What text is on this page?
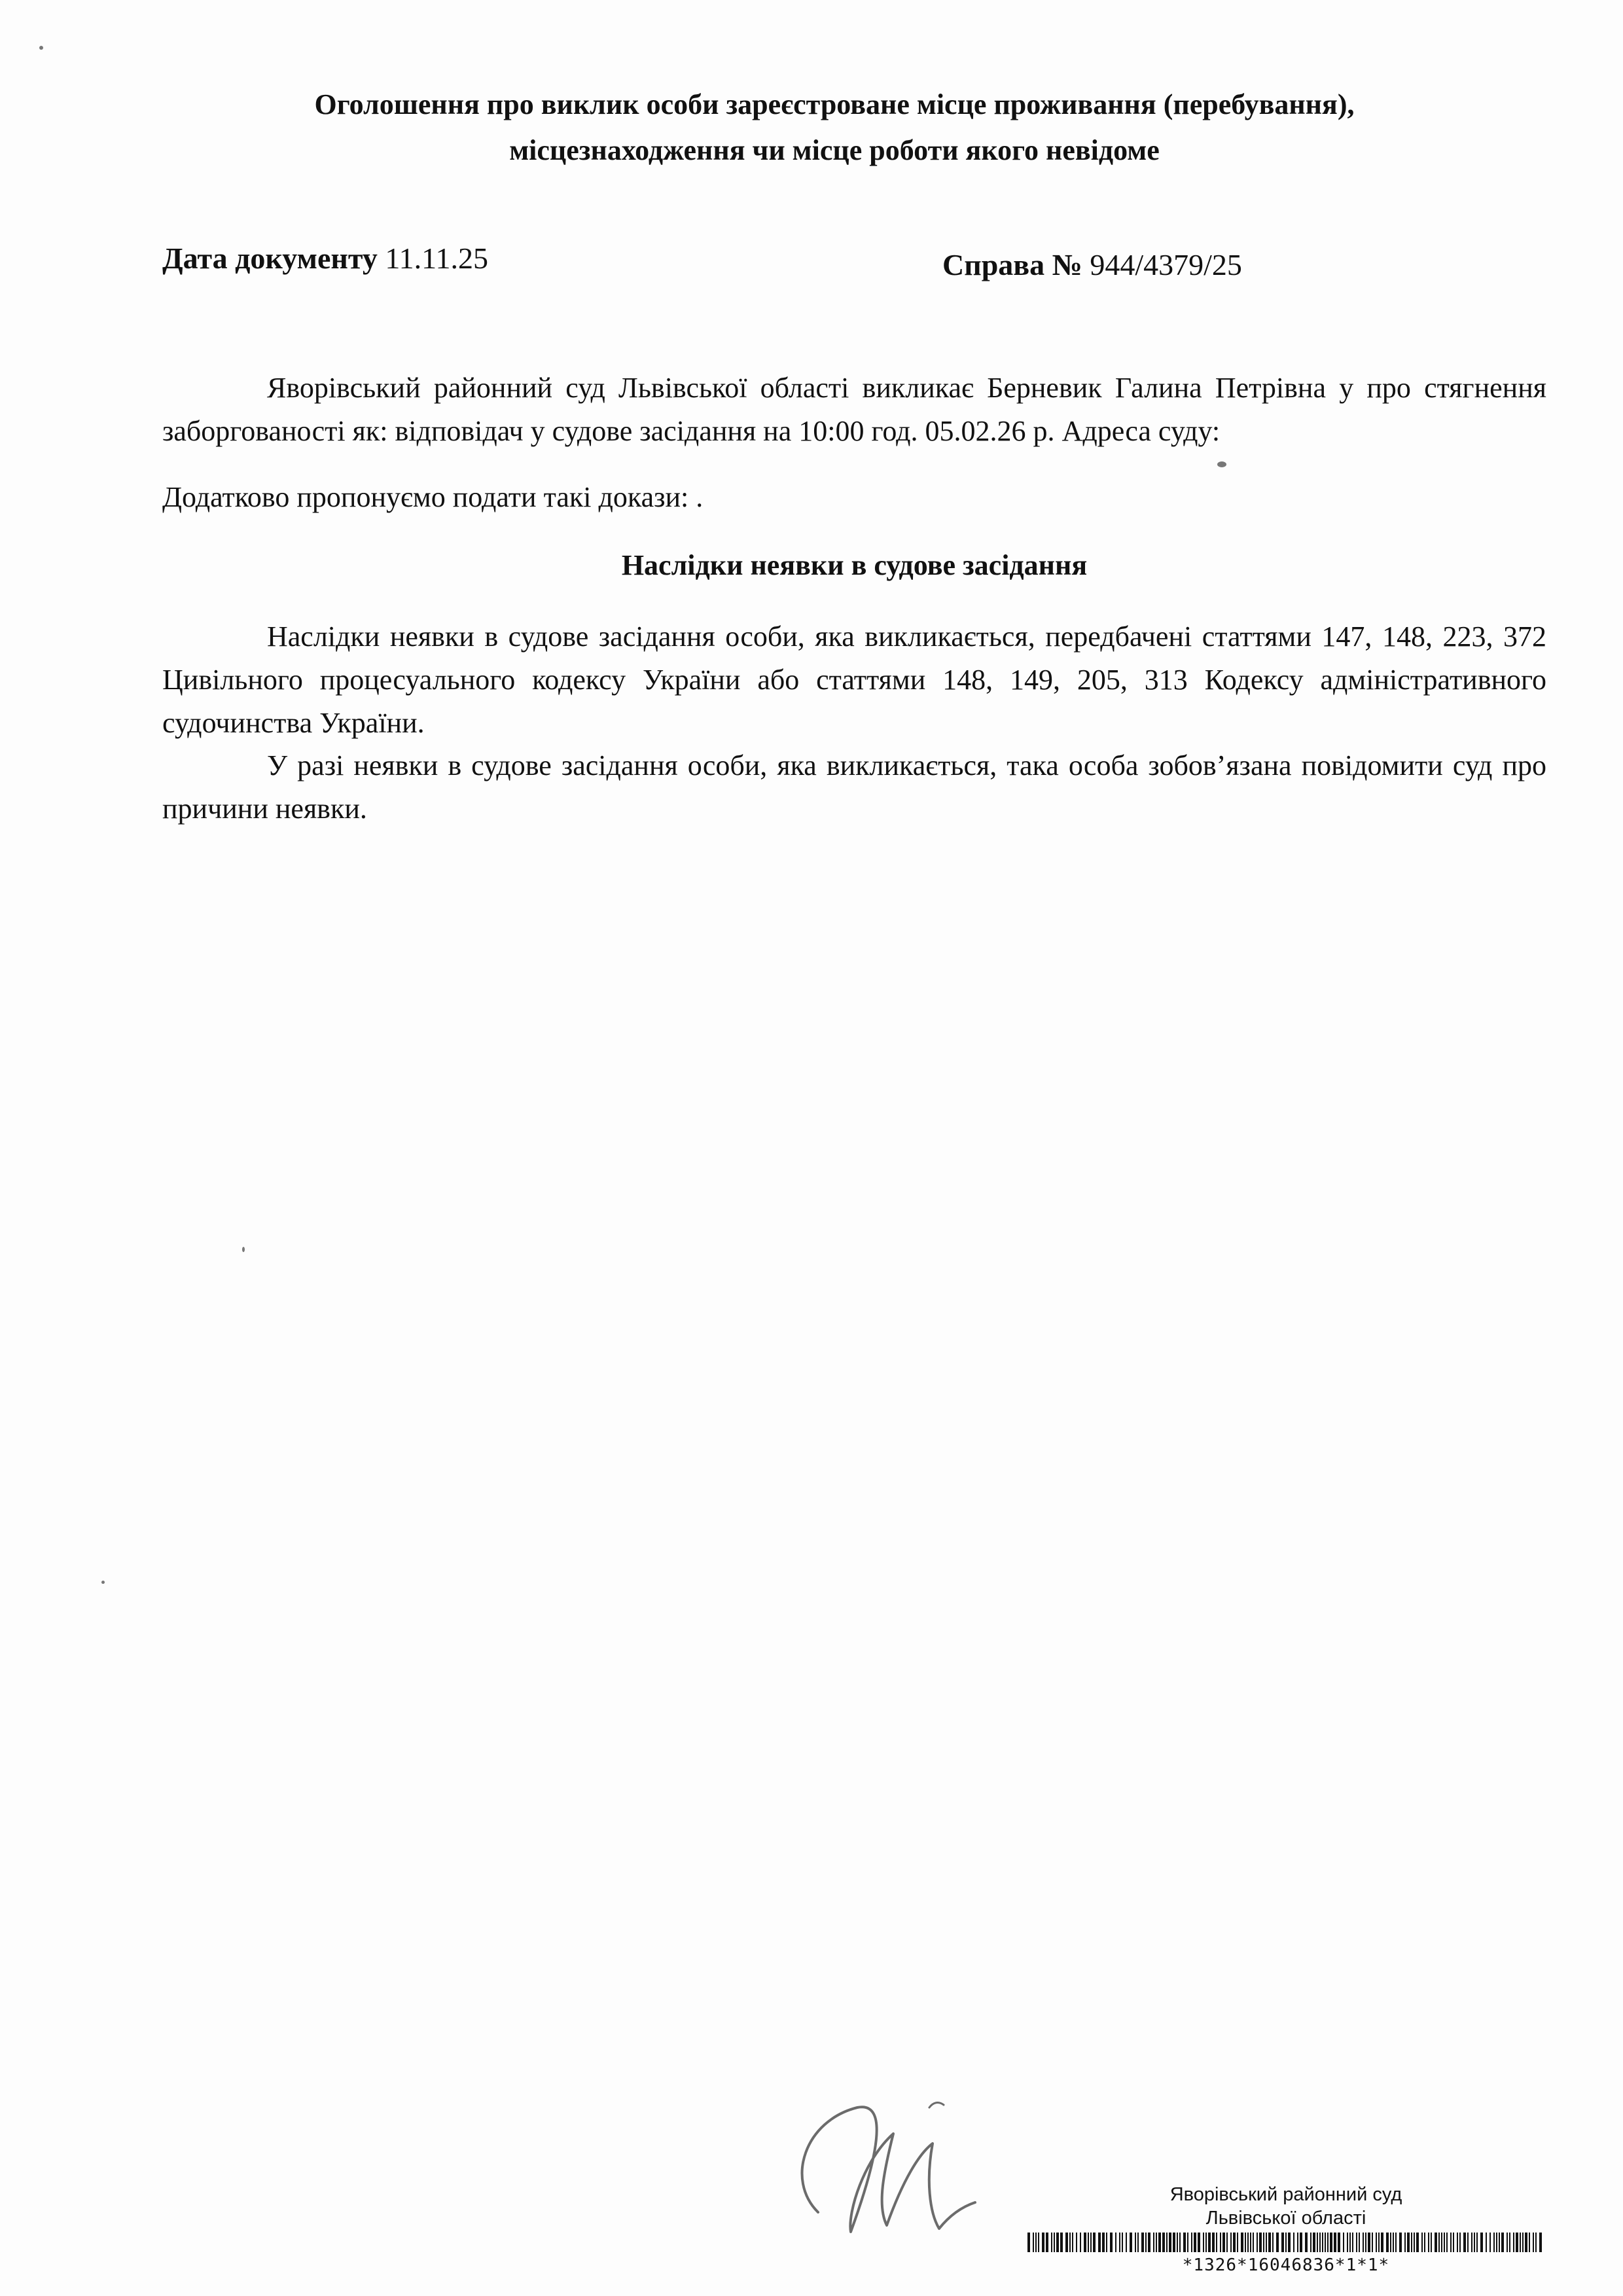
Оголошення про виклик особи зареєстроване місце проживання (перебування),
місцезнаходження чи місце роботи якого невідоме
Дата документу 11.11.25	Справа № 944/4379/25
Яворівський районний суд Львівської області викликає Берневик Галина Петрівна у про стягнення заборгованості як: відповідач у судове засідання на 10:00 год. 05.02.26 р. Адреса суду:
Додатково пропонуємо подати такі докази: .
Наслідки неявки в судове засідання
Наслідки неявки в судове засідання особи, яка викликається, передбачені статтями 147, 148, 223, 372 Цивільного процесуального кодексу України або статтями 148, 149, 205, 313 Кодексу адміністративного судочинства України.
У разі неявки в судове засідання особи, яка викликається, така особа зобов’язана повідомити суд про причини неявки.
Яворівський районний суд
Львівської області
*1326*16046836*1*1*
